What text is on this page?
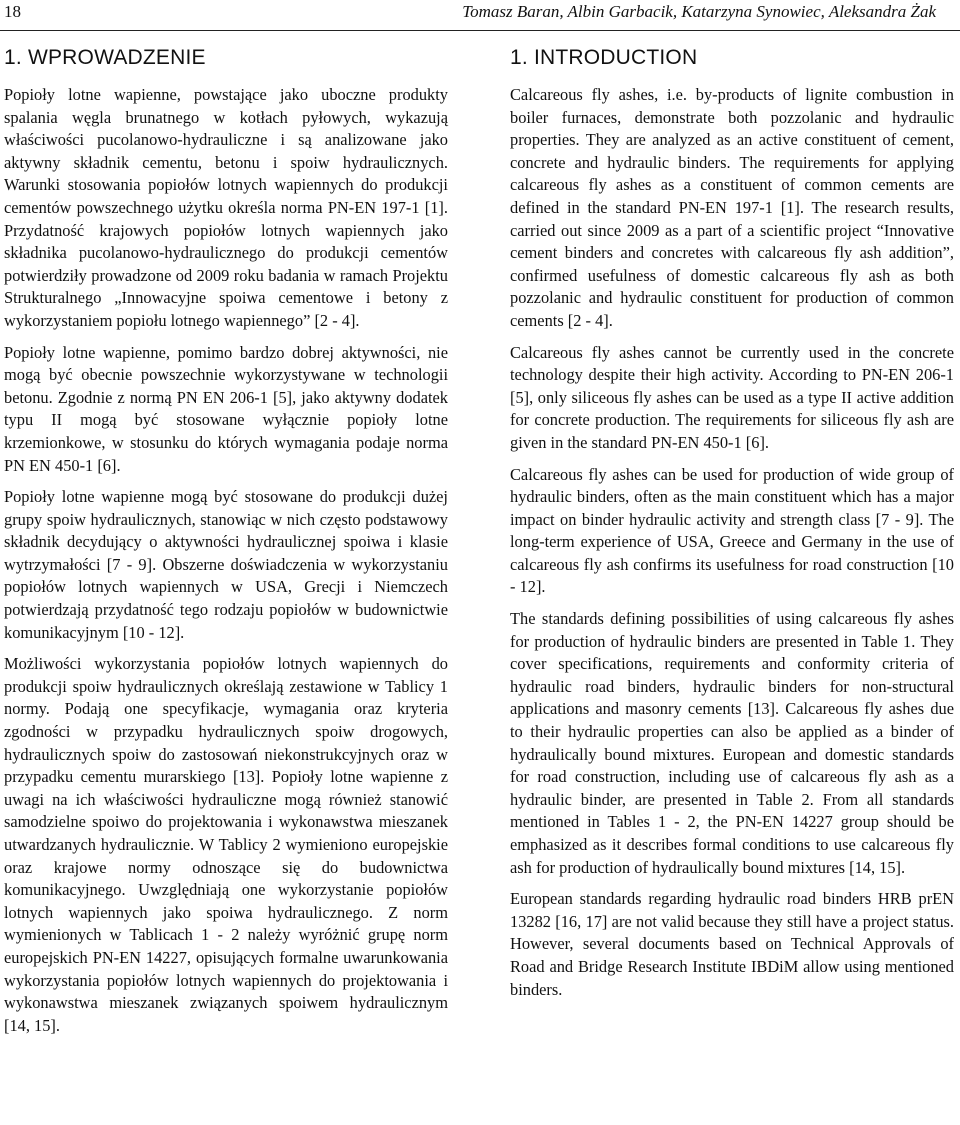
18	Tomasz Baran, Albin Garbacik, Katarzyna Synowiec, Aleksandra Żak
1. WPROWADZENIE

Popioły lotne wapienne, powstające jako uboczne produkty spalania węgla brunatnego w kotłach pyłowych, wykazują właściwości pucolanowo-hydrauliczne i są analizowane jako aktywny składnik cementu, betonu i spoiw hydraulicznych. Warunki stosowania popiołów lotnych wapiennych do produkcji cementów powszechnego użytku określa norma PN-EN 197-1 [1]. Przydatność krajowych popiołów lotnych wapiennych jako składnika pucolanowo-hydraulicznego do produkcji cementów potwierdziły prowadzone od 2009 roku badania w ramach Projektu Strukturalnego „Innowacyjne spoiwa cementowe i betony z wykorzystaniem popiołu lotnego wapiennego” [2 - 4].

Popioły lotne wapienne, pomimo bardzo dobrej aktywności, nie mogą być obecnie powszechnie wykorzystywane w technologii betonu. Zgodnie z normą PN EN 206-1 [5], jako aktywny dodatek typu II mogą być stosowane wyłącznie popioły lotne krzemionkowe, w stosunku do których wymagania podaje norma PN EN 450-1 [6].

Popioły lotne wapienne mogą być stosowane do produkcji dużej grupy spoiw hydraulicznych, stanowiąc w nich często podstawowy składnik decydujący o aktywności hydraulicznej spoiwa i klasie wytrzymałości [7 - 9]. Obszerne doświadczenia w wykorzystaniu popiołów lotnych wapiennych w USA, Grecji i Niemczech potwierdzają przydatność tego rodzaju popiołów w budownictwie komunikacyjnym [10 - 12].

Możliwości wykorzystania popiołów lotnych wapiennych do produkcji spoiw hydraulicznych określają zestawione w Tablicy 1 normy. Podają one specyfikacje, wymagania oraz kryteria zgodności w przypadku hydraulicznych spoiw drogowych, hydraulicznych spoiw do zastosowań niekonstrukcyjnych oraz w przypadku cementu murarskiego [13]. Popioły lotne wapienne z uwagi na ich właściwości hydrauliczne mogą również stanowić samodzielne spoiwo do projektowania i wykonawstwa mieszanek utwardzanych hydraulicznie. W Tablicy 2 wymieniono europejskie oraz krajowe normy odnoszące się do budownictwa komunikacyjnego. Uwzględniają one wykorzystanie popiołów lotnych wapiennych jako spoiwa hydraulicznego. Z norm wymienionych w Tablicach 1 - 2 należy wyróżnić grupę norm europejskich PN-EN 14227, opisujących formalne uwarunkowania wykorzystania popiołów lotnych wapiennych do projektowania i wykonawstwa mieszanek związanych spoiwem hydraulicznym [14, 15].

1. INTRODUCTION

Calcareous fly ashes, i.e. by-products of lignite combustion in boiler furnaces, demonstrate both pozzolanic and hydraulic properties. They are analyzed as an active constituent of cement, concrete and hydraulic binders. The requirements for applying calcareous fly ashes as a constituent of common cements are defined in the standard PN-EN 197-1 [1]. The research results, carried out since 2009 as a part of a scientific project “Innovative cement binders and concretes with calcareous fly ash addition”, confirmed usefulness of domestic calcareous fly ash as both pozzolanic and hydraulic constituent for production of common cements [2 - 4].

Calcareous fly ashes cannot be currently used in the concrete technology despite their high activity. According to PN-EN 206-1 [5], only siliceous fly ashes can be used as a type II active addition for concrete production. The requirements for siliceous fly ash are given in the standard PN-EN 450-1 [6].

Calcareous fly ashes can be used for production of wide group of hydraulic binders, often as the main constituent which has a major impact on binder hydraulic activity and strength class [7 - 9]. The long-term experience of USA, Greece and Germany in the use of calcareous fly ash confirms its usefulness for road construction [10 - 12].

The standards defining possibilities of using calcareous fly ashes for production of hydraulic binders are presented in Table 1. They cover specifications, requirements and conformity criteria of hydraulic road binders, hydraulic binders for non-structural applications and masonry cements [13]. Calcareous fly ashes due to their hydraulic properties can also be applied as a binder of hydraulically bound mixtures. European and domestic standards for road construction, including use of calcareous fly ash as a hydraulic binder, are presented in Table 2. From all standards mentioned in Tables 1 - 2, the PN-EN 14227 group should be emphasized as it describes formal conditions to use calcareous fly ash for production of hydraulically bound mixtures [14, 15].

European standards regarding hydraulic road binders HRB prEN 13282 [16, 17] are not valid because they still have a project status. However, several documents based on Technical Approvals of Road and Bridge Research Institute IBDiM allow using mentioned binders.
